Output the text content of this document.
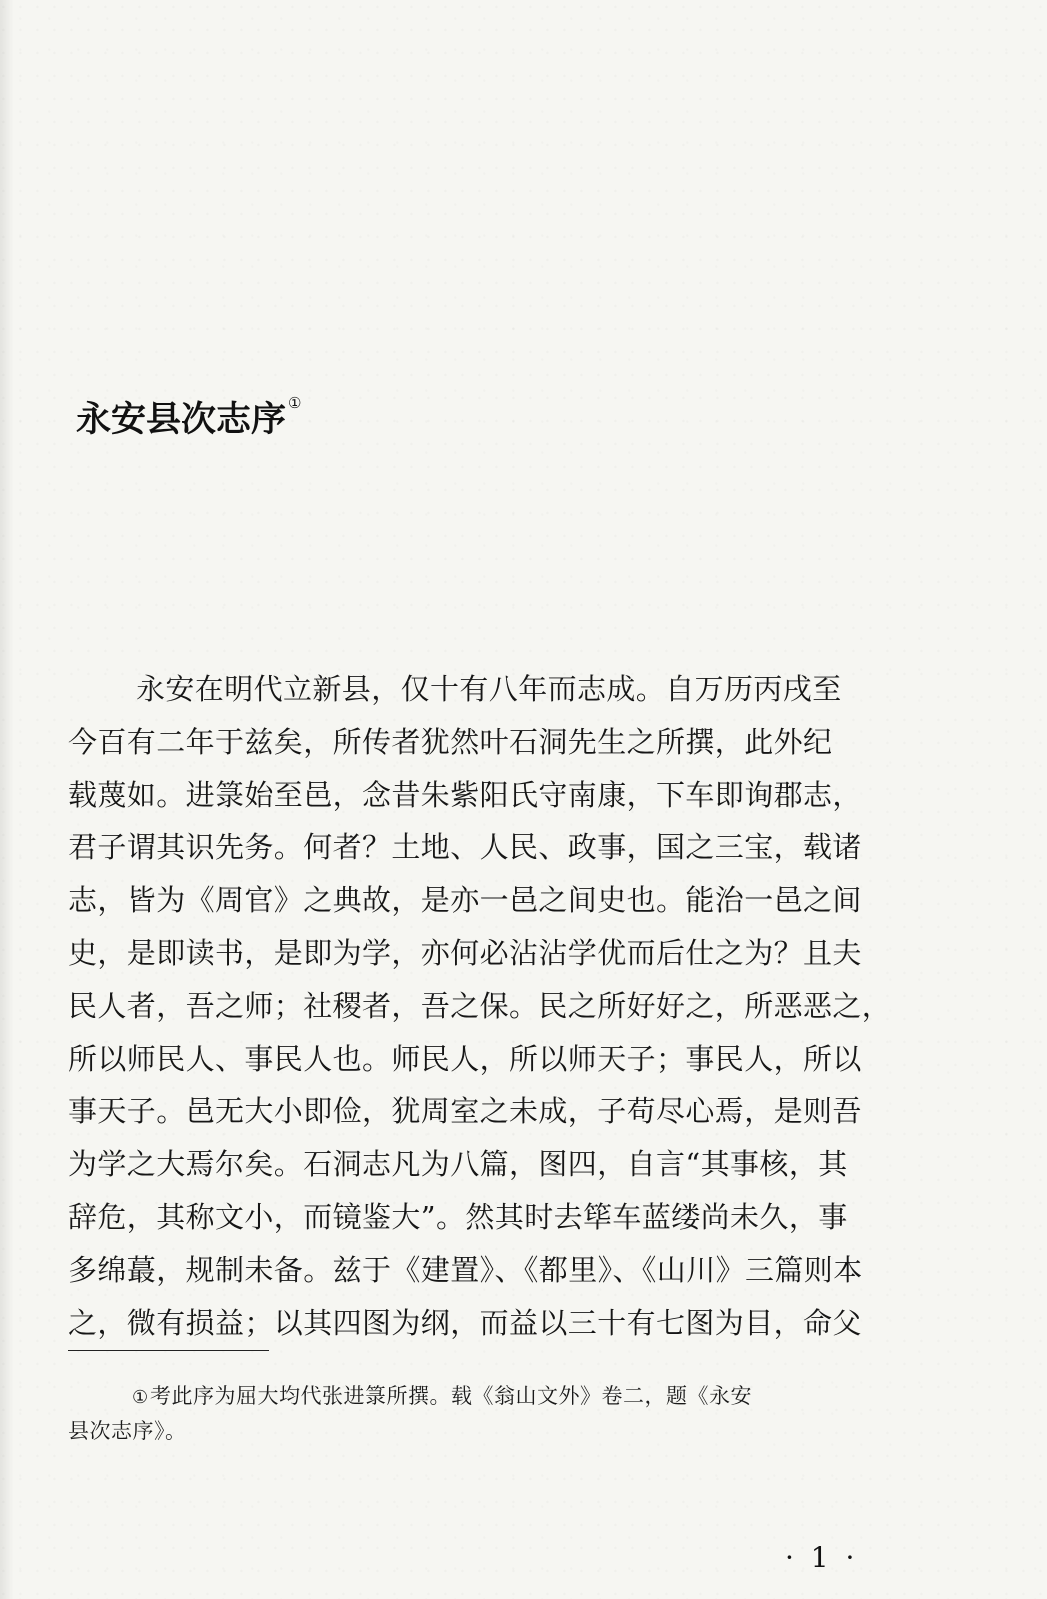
永安县次志序 ①
永安在明代立新县，仅十有八年而志成。自万历丙戌至
今百有二年于兹矣，所传者犹然叶石洞先生之所撰，此外纪
载蔑如。进箓始至邑，念昔朱紫阳氏守南康，下车即询郡志，
君子谓其识先务。何者？土地、人民、政事，国之三宝，载诸
志，皆为《周官》之典故，是亦一邑之间史也。能治一邑之间
史，是即读书，是即为学，亦何必沾沾学优而后仕之为？且夫
民人者，吾之师；社稷者，吾之保。民之所好好之，所恶恶之，
所以师民人、事民人也。师民人，所以师天子；事民人，所以
事天子。邑无大小即俭，犹周室之未成，子苟尽心焉，是则吾
为学之大焉尔矣。石洞志凡为八篇，图四，自言“其事核，其
辞危，其称文小，而镜鉴大”。然其时去筚车蓝缕尚未久，事
多绵蕞，规制未备。兹于《建置》、《都里》、《山川》三篇则本
之，微有损益；以其四图为纲，而益以三十有七图为目，命父
①考此序为屈大均代张进箓所撰。载《翁山文外》卷二，题《永安
县次志序》。
· 1 ·
